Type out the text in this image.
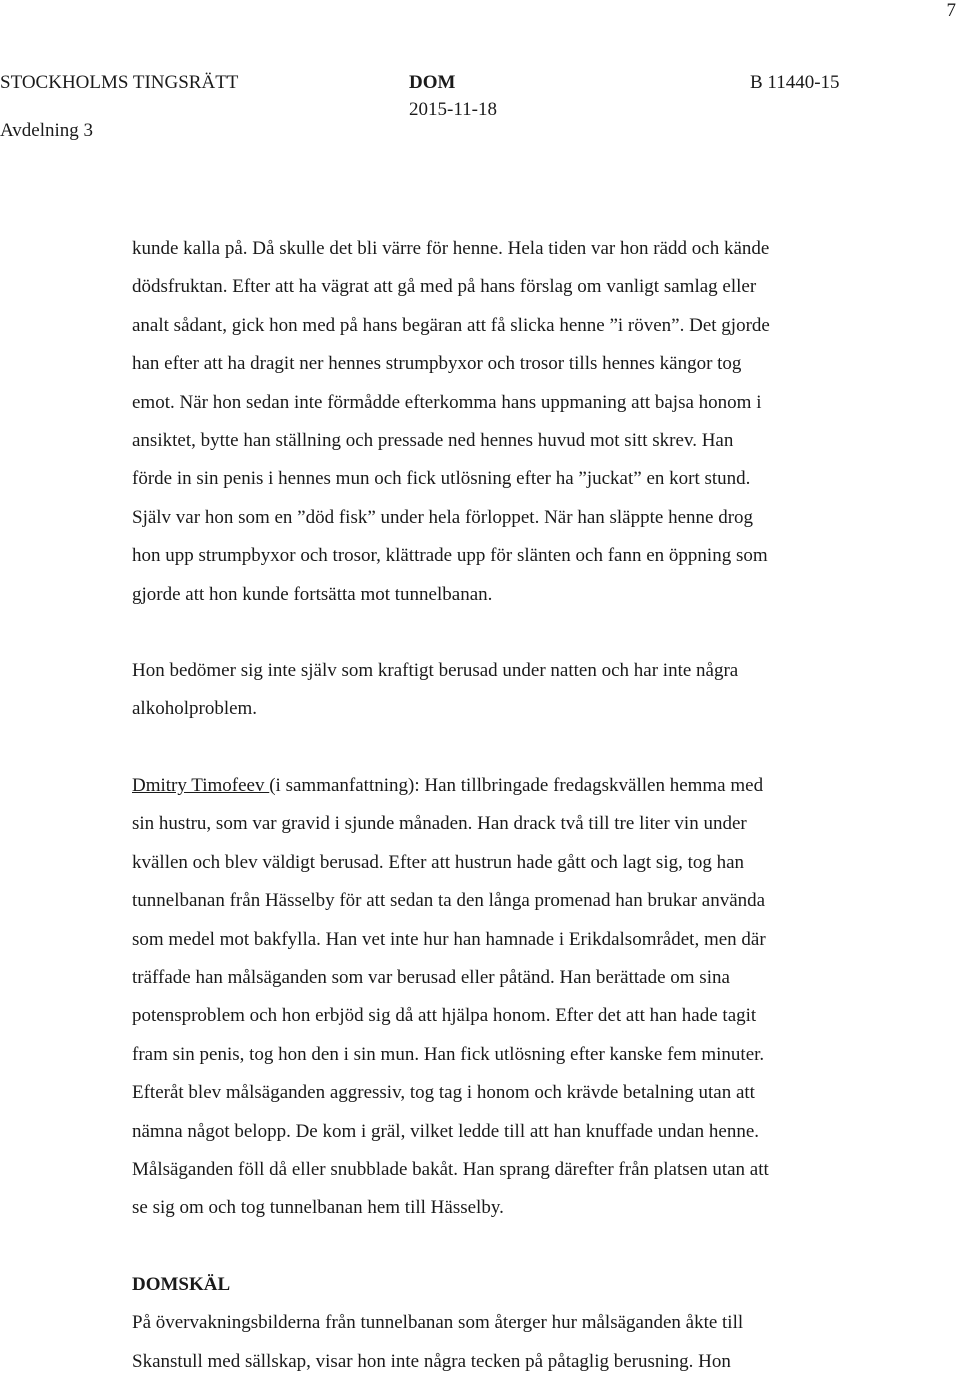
7
STOCKHOLMS TINGSRÄTT
Avdelning 3
DOM
2015-11-18
B 11440-15

kunde kalla på. Då skulle det bli värre för henne. Hela tiden var hon rädd och kände
dödsfruktan. Efter att ha vägrat att gå med på hans förslag om vanligt samlag eller
analt sådant, gick hon med på hans begäran att få slicka henne ”i röven”. Det gjorde
han efter att ha dragit ner hennes strumpbyxor och trosor tills hennes kängor tog
emot. När hon sedan inte förmådde efterkomma hans uppmaning att bajsa honom i
ansiktet, bytte han ställning och pressade ned hennes huvud mot sitt skrev. Han
förde in sin penis i hennes mun och fick utlösning efter ha ”juckat” en kort stund.
Själv var hon som en ”död fisk” under hela förloppet. När han släppte henne drog
hon upp strumpbyxor och trosor, klättrade upp för slänten och fann en öppning som
gjorde att hon kunde fortsätta mot tunnelbanan.

Hon bedömer sig inte själv som kraftigt berusad under natten och har inte några
alkoholproblem.

Dmitry Timofeev (i sammanfattning): Han tillbringade fredagskvällen hemma med
sin hustru, som var gravid i sjunde månaden. Han drack två till tre liter vin under
kvällen och blev väldigt berusad. Efter att hustrun hade gått och lagt sig, tog han
tunnelbanan från Hässelby för att sedan ta den långa promenad han brukar använda
som medel mot bakfylla. Han vet inte hur han hamnade i Erikdalsområdet, men där
träffade han målsäganden som var berusad eller påtänd. Han berättade om sina
potensproblem och hon erbjöd sig då att hjälpa honom. Efter det att han hade tagit
fram sin penis, tog hon den i sin mun. Han fick utlösning efter kanske fem minuter.
Efteråt blev målsäganden aggressiv, tog tag i honom och krävde betalning utan att
nämna något belopp. De kom i gräl, vilket ledde till att han knuffade undan henne.
Målsäganden föll då eller snubblade bakåt. Han sprang därefter från platsen utan att
se sig om och tog tunnelbanan hem till Hässelby.

DOMSKÄL
På övervakningsbilderna från tunnelbanan som återger hur målsäganden åkte till
Skanstull med sällskap, visar hon inte några tecken på påtaglig berusning. Hon
